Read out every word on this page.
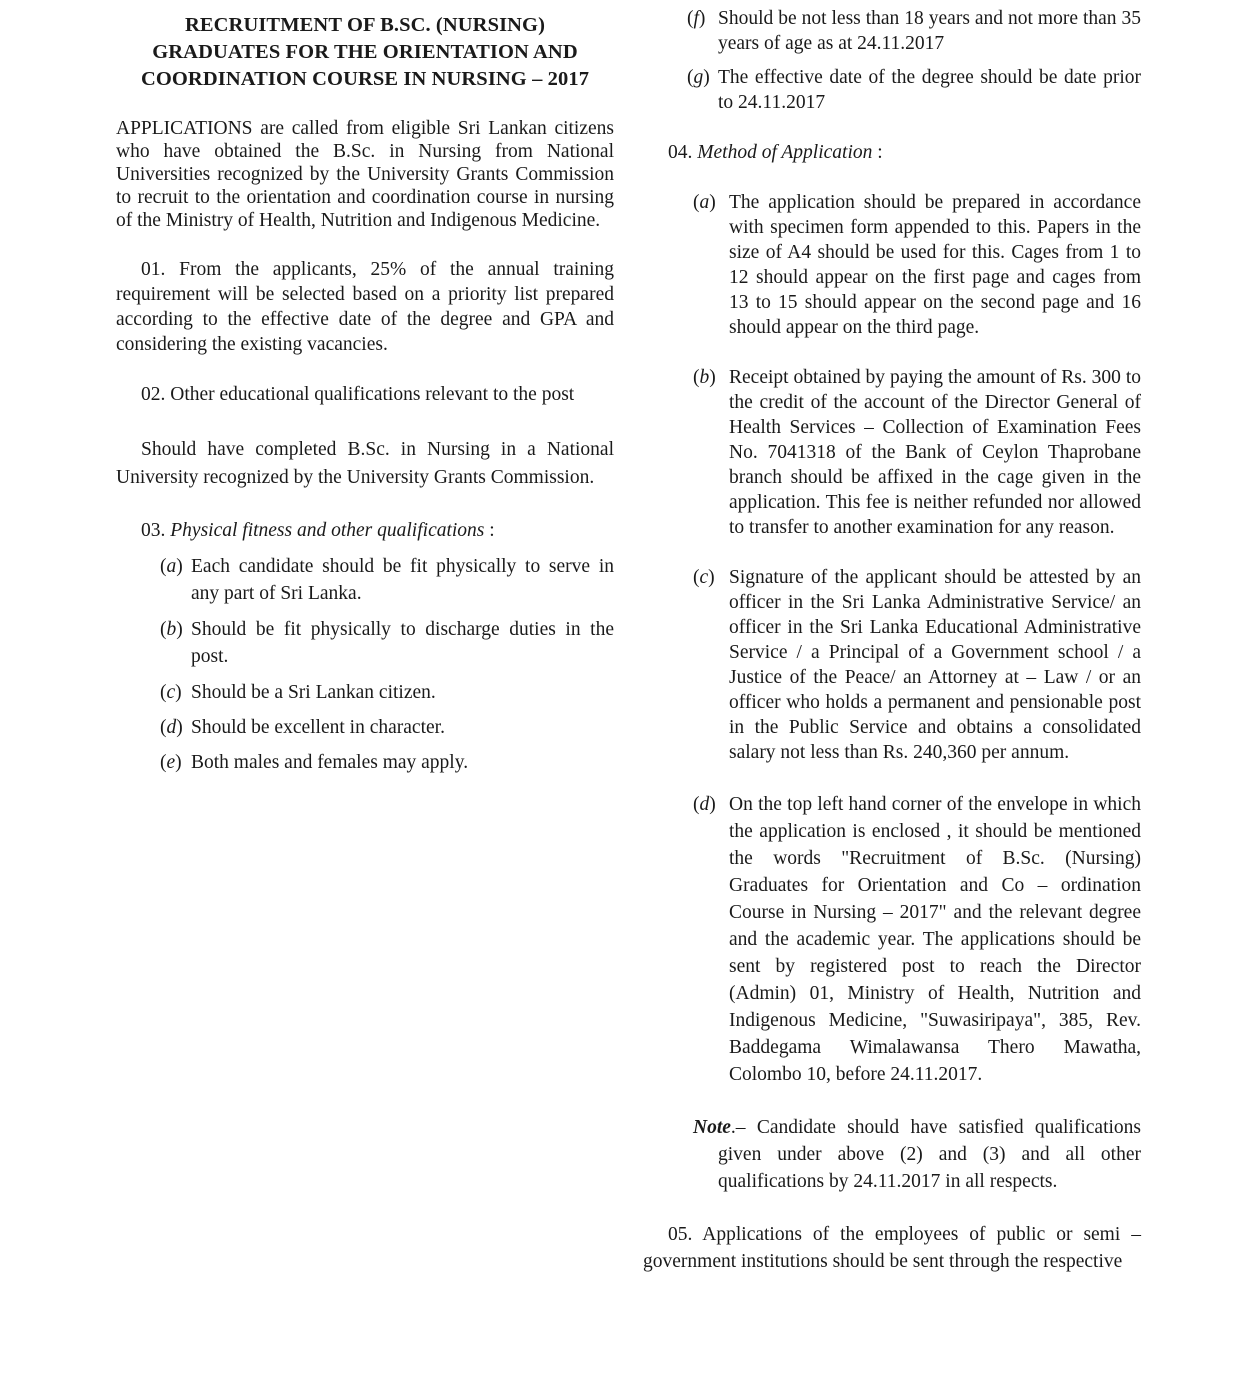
RECRUITMENT OF B.SC. (NURSING)
GRADUATES FOR THE ORIENTATION AND
COORDINATION COURSE IN NURSING – 2017

APPLICATIONS are called from eligible Sri Lankan citizens who have obtained the B.Sc. in Nursing from National Universities recognized by the University Grants Commission to recruit to the orientation and coordination course in nursing of the Ministry of Health, Nutrition and Indigenous Medicine.

01. From the applicants, 25% of the annual training requirement will be selected based on a priority list prepared according to the effective date of the degree and GPA and considering the existing vacancies.

02. Other educational qualifications relevant to the post

Should have completed B.Sc. in Nursing in a National University recognized by the University Grants Commission.

03. Physical fitness and other qualifications :

(a) Each candidate should be fit physically to serve in any part of Sri Lanka.
(b) Should be fit physically to discharge duties in the post.
(c) Should be a Sri Lankan citizen.
(d) Should be excellent in character.
(e) Both males and females may apply.
(f) Should be not less than 18 years and not more than 35 years of age as at 24.11.2017
(g) The effective date of the degree should be date prior to 24.11.2017

04. Method of Application :

(a) The application should be prepared in accordance with specimen form appended to this. Papers in the size of A4 should be used for this. Cages from 1 to 12 should appear on the first page and cages from 13 to 15 should appear on the second page and 16 should appear on the third page.
(b) Receipt obtained by paying the amount of Rs. 300 to the credit of the account of the Director General of Health Services – Collection of Examination Fees No. 7041318 of the Bank of Ceylon Thaprobane branch should be affixed in the cage given in the application. This fee is neither refunded nor allowed to transfer to another examination for any reason.
(c) Signature of the applicant should be attested by an officer in the Sri Lanka Administrative Service/ an officer in the Sri Lanka Educational Administrative Service / a Principal of a Government school / a Justice of the Peace/ an Attorney at – Law / or an officer who holds a permanent and pensionable post in the Public Service and obtains a consolidated salary not less than Rs. 240,360 per annum.
(d) On the top left hand corner of the envelope in which the application is enclosed , it should be mentioned the words "Recruitment of B.Sc. (Nursing) Graduates for Orientation and Co – ordination Course in Nursing – 2017" and the relevant degree and the academic year. The applications should be sent by registered post to reach the Director (Admin) 01, Ministry of Health, Nutrition and Indigenous Medicine, "Suwasiripaya", 385, Rev. Baddegama Wimalawansa Thero Mawatha, Colombo 10, before 24.11.2017.

Note.– Candidate should have satisfied qualifications given under above (2) and (3) and all other qualifications by 24.11.2017 in all respects.

05. Applications of the employees of public or semi – government institutions should be sent through the respective
